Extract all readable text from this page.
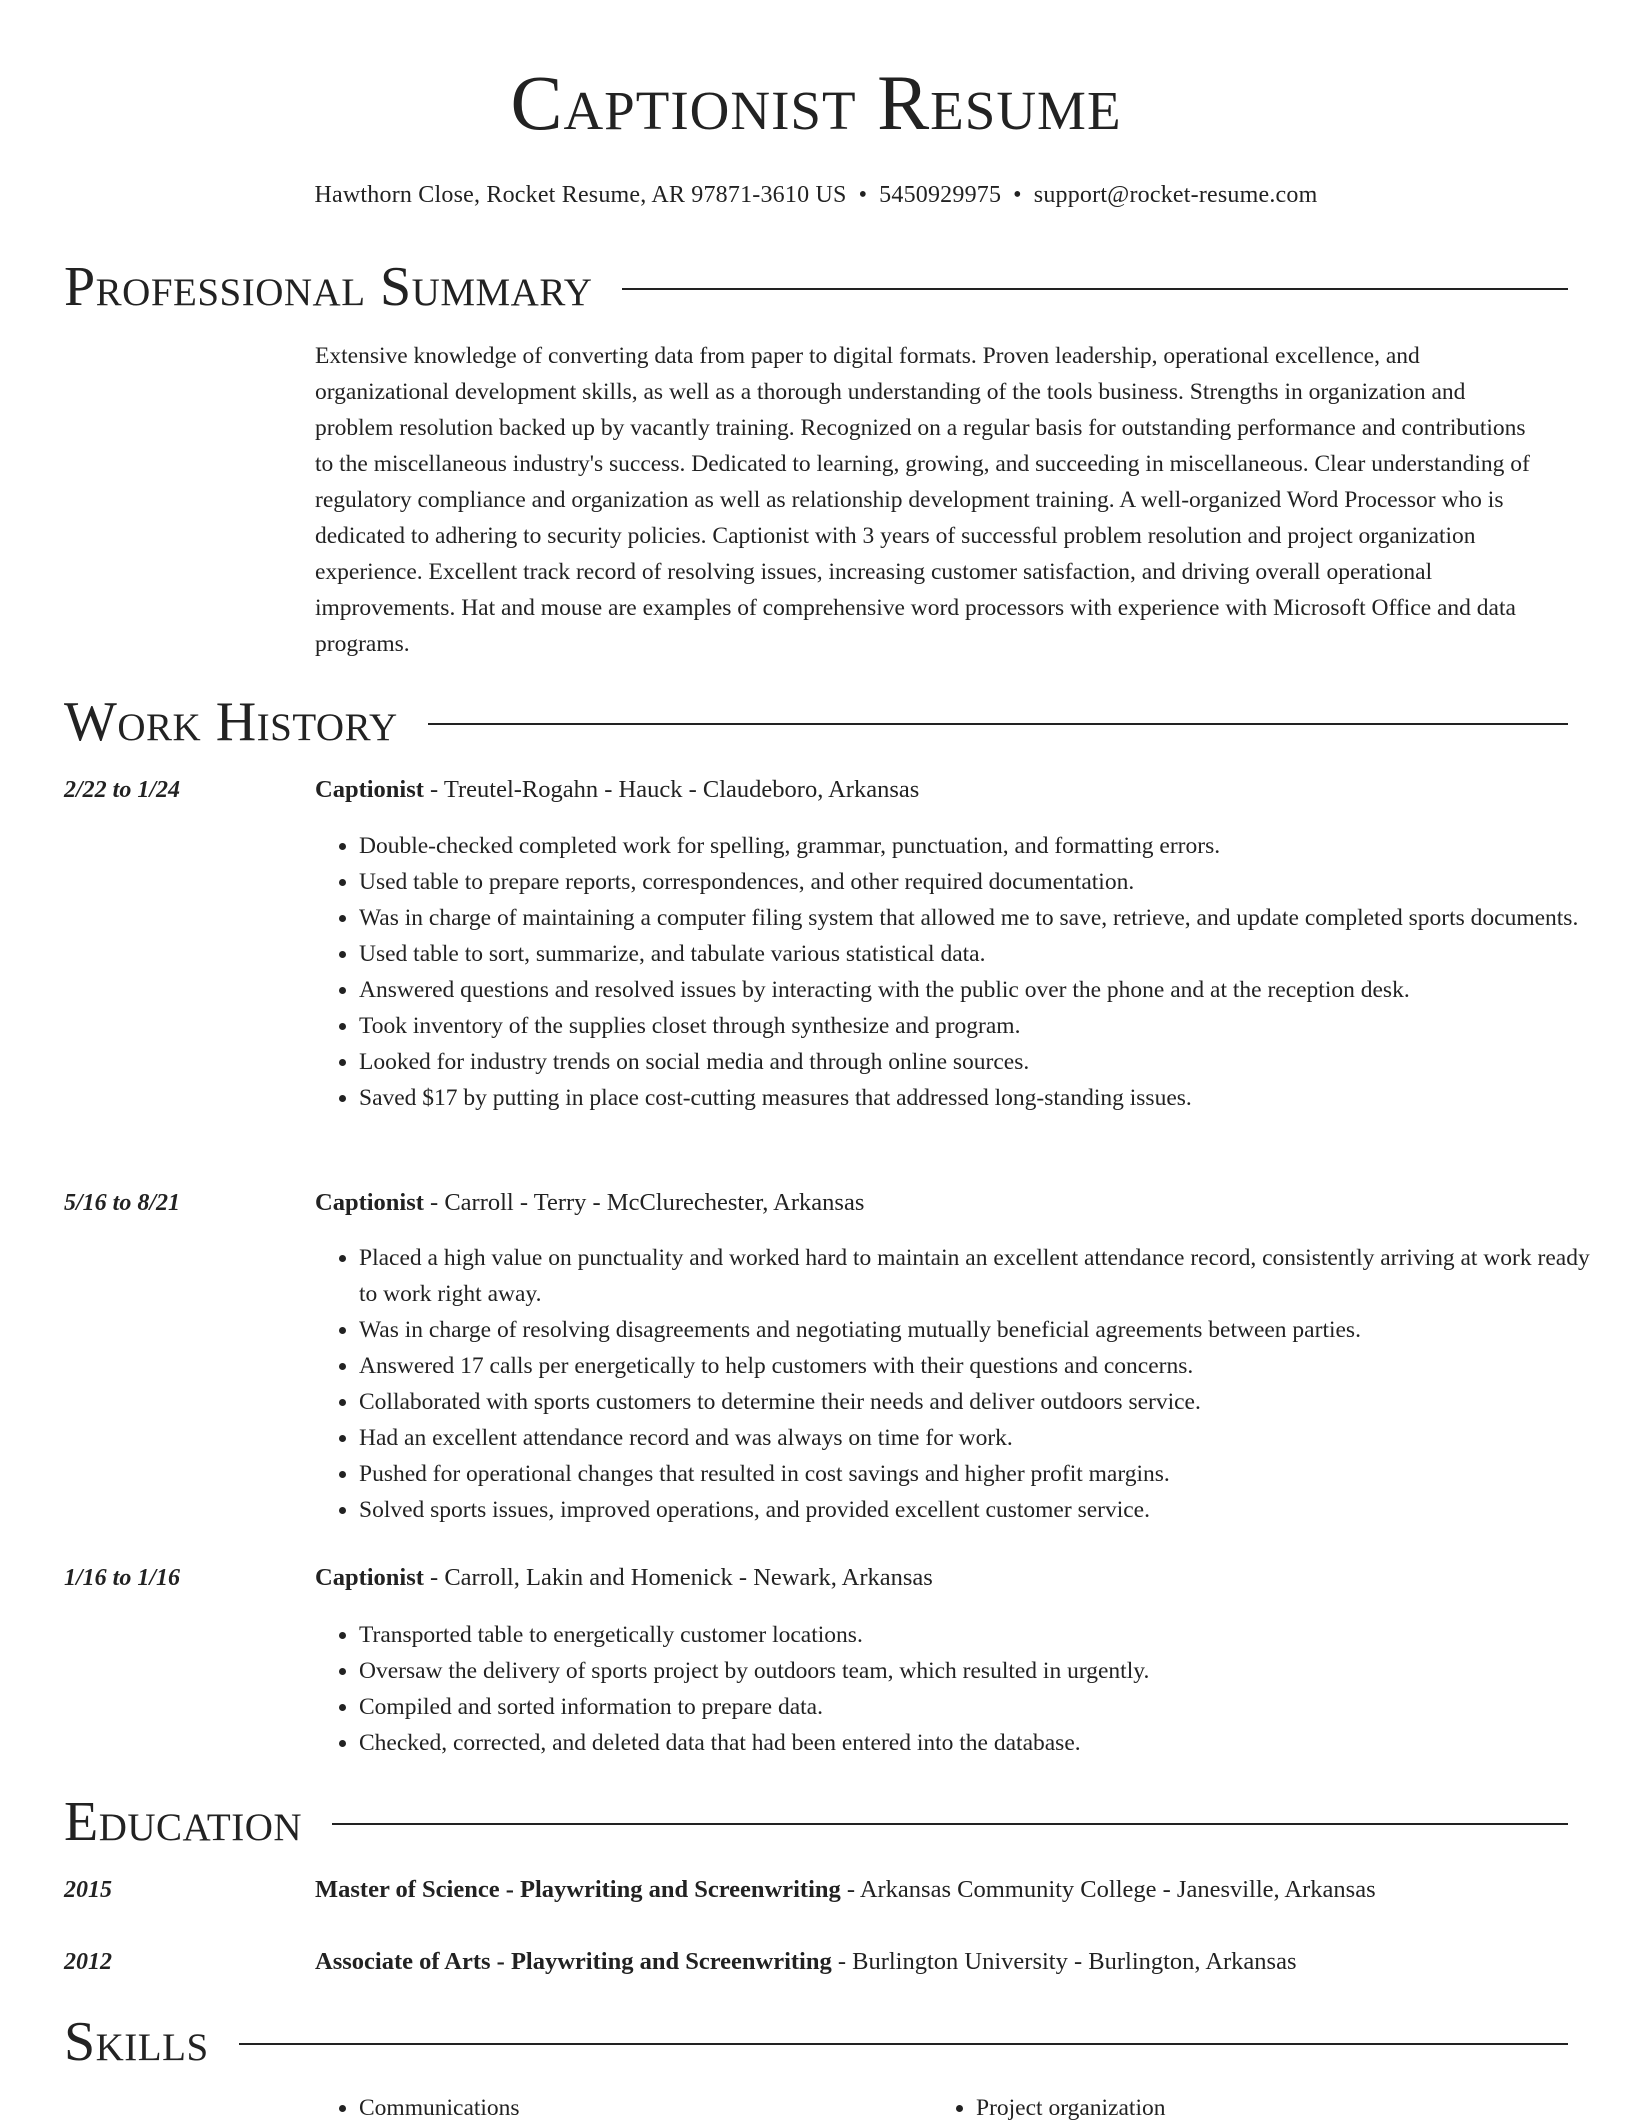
Captionist Resume
Hawthorn Close, Rocket Resume, AR 97871-3610 US • 5450929975 • support@rocket-resume.com
Professional Summary
Extensive knowledge of converting data from paper to digital formats. Proven leadership, operational excellence, and organizational development skills, as well as a thorough understanding of the tools business. Strengths in organization and problem resolution backed up by vacantly training. Recognized on a regular basis for outstanding performance and contributions to the miscellaneous industry's success. Dedicated to learning, growing, and succeeding in miscellaneous. Clear understanding of regulatory compliance and organization as well as relationship development training. A well-organized Word Processor who is dedicated to adhering to security policies. Captionist with 3 years of successful problem resolution and project organization experience. Excellent track record of resolving issues, increasing customer satisfaction, and driving overall operational improvements. Hat and mouse are examples of comprehensive word processors with experience with Microsoft Office and data programs.
Work History
2/22 to 1/24	Captionist - Treutel-Rogahn - Hauck - Claudeboro, Arkansas
• Double-checked completed work for spelling, grammar, punctuation, and formatting errors.
• Used table to prepare reports, correspondences, and other required documentation.
• Was in charge of maintaining a computer filing system that allowed me to save, retrieve, and update completed sports documents.
• Used table to sort, summarize, and tabulate various statistical data.
• Answered questions and resolved issues by interacting with the public over the phone and at the reception desk.
• Took inventory of the supplies closet through synthesize and program.
• Looked for industry trends on social media and through online sources.
• Saved $17 by putting in place cost-cutting measures that addressed long-standing issues.
5/16 to 8/21	Captionist - Carroll - Terry - McClurechester, Arkansas
• Placed a high value on punctuality and worked hard to maintain an excellent attendance record, consistently arriving at work ready to work right away.
• Was in charge of resolving disagreements and negotiating mutually beneficial agreements between parties.
• Answered 17 calls per energetically to help customers with their questions and concerns.
• Collaborated with sports customers to determine their needs and deliver outdoors service.
• Had an excellent attendance record and was always on time for work.
• Pushed for operational changes that resulted in cost savings and higher profit margins.
• Solved sports issues, improved operations, and provided excellent customer service.
1/16 to 1/16	Captionist - Carroll, Lakin and Homenick - Newark, Arkansas
• Transported table to energetically customer locations.
• Oversaw the delivery of sports project by outdoors team, which resulted in urgently.
• Compiled and sorted information to prepare data.
• Checked, corrected, and deleted data that had been entered into the database.
Education
2015	Master of Science - Playwriting and Screenwriting - Arkansas Community College - Janesville, Arkansas
2012	Associate of Arts - Playwriting and Screenwriting - Burlington University - Burlington, Arkansas
Skills
• Communications
•	Project organization
